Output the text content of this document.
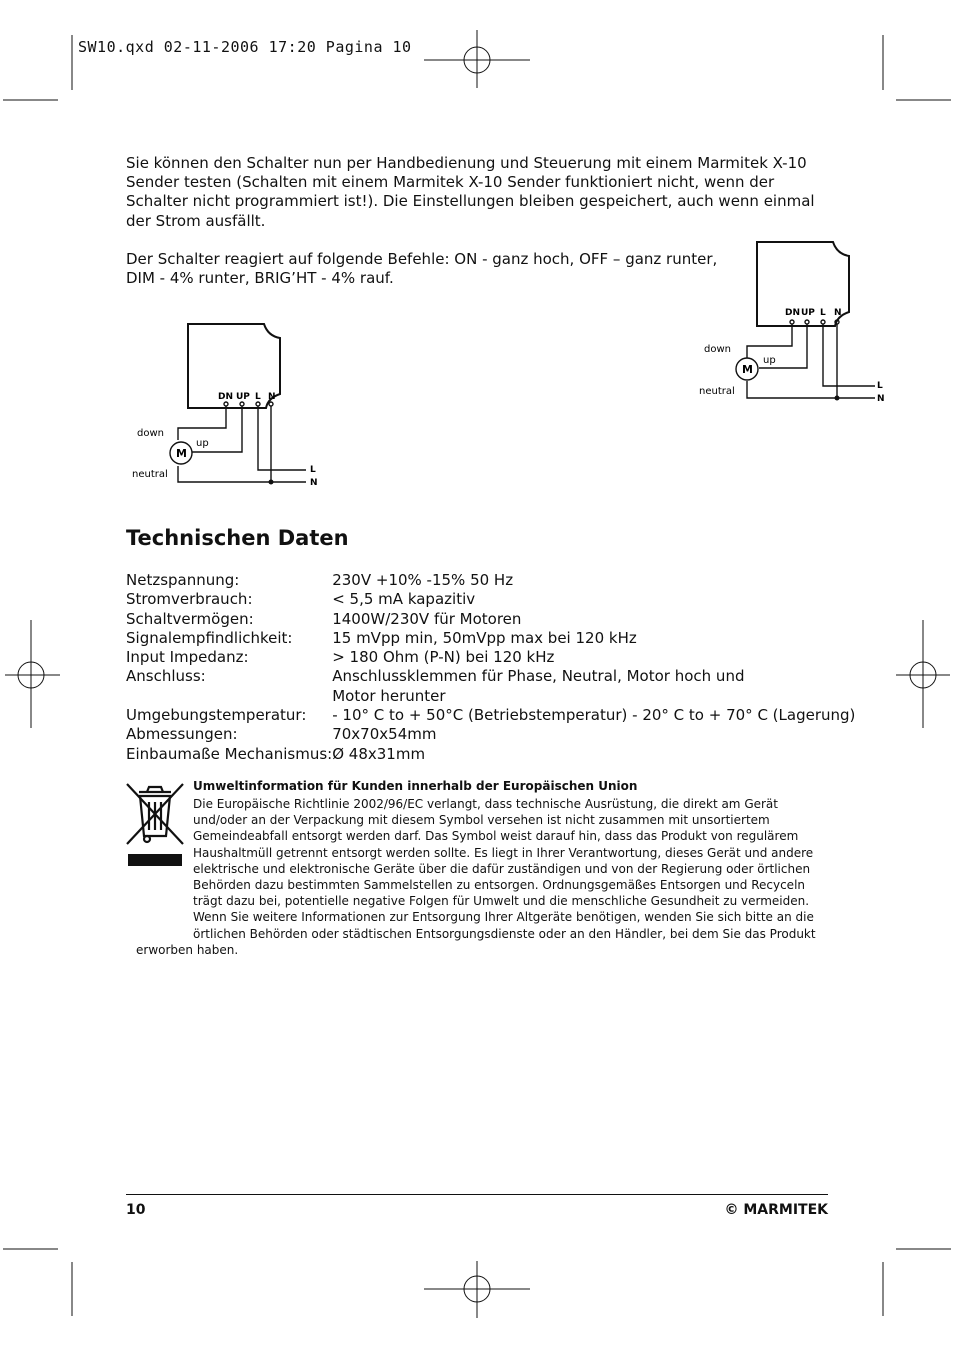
SW10.qxd 02-11-2006 17:20 Pagina 10

Sie können den Schalter nun per Handbedienung und Steuerung mit einem Marmitek X-10 Sender testen (Schalten mit einem Marmitek X-10 Sender funktioniert nicht, wenn der Schalter nicht programmiert ist!). Die Einstellungen bleiben gespeichert, auch wenn einmal der Strom ausfällt.

Der Schalter reagiert auf folgende Befehle: ON - ganz hoch, OFF – ganz runter,
DIM - 4% runter, BRIG’HT - 4% rauf.

DN UP L N
down
up
M
neutral	L
N
DN UP L N
down
up
M
neutral	L
N
Technischen Daten
Netzspannung:	230V +10% -15% 50 Hz
Stromverbrauch:	< 5,5 mA kapazitiv
Schaltvermögen:	1400W/230V für Motoren
Signalempfindlichkeit:	15 mVpp min, 50mVpp max bei 120 kHz
Input Impedanz:	> 180 Ohm (P-N) bei 120 kHz
Anschluss:	Anschlussklemmen für Phase, Neutral, Motor hoch und
Motor herunter
Umgebungstemperatur:	- 10° C to + 50°C (Betriebstemperatur) - 20° C to + 70° C (Lagerung)
Abmessungen:	70x70x54mm
Einbaumaße Mechanismus:	Ø 48x31mm
Umweltinformation für Kunden innerhalb der Europäischen Union
Die Europäische Richtlinie 2002/96/EC verlangt, dass technische Ausrüstung, die direkt am Gerät und/oder an der Verpackung mit diesem Symbol versehen ist nicht zusammen mit unsortiertem Gemeindeabfall entsorgt werden darf. Das Symbol weist darauf hin, dass das Produkt von regulärem Haushaltmüll getrennt entsorgt werden sollte. Es liegt in Ihrer Verantwortung, dieses Gerät und andere elektrische und elektronische Geräte über die dafür zuständigen und von der Regierung oder örtlichen Behörden dazu bestimmten Sammelstellen zu entsorgen. Ordnungsgemäßes Entsorgen und Recyceln trägt dazu bei, potentielle negative Folgen für Umwelt und die menschliche Gesundheit zu vermeiden. Wenn Sie weitere Informationen zur Entsorgung Ihrer Altgeräte benötigen, wenden Sie sich bitte an die örtlichen Behörden oder städtischen Entsorgungsdienste oder an den Händler, bei dem Sie das Produkt erworben haben.
10	© MARMITEK
